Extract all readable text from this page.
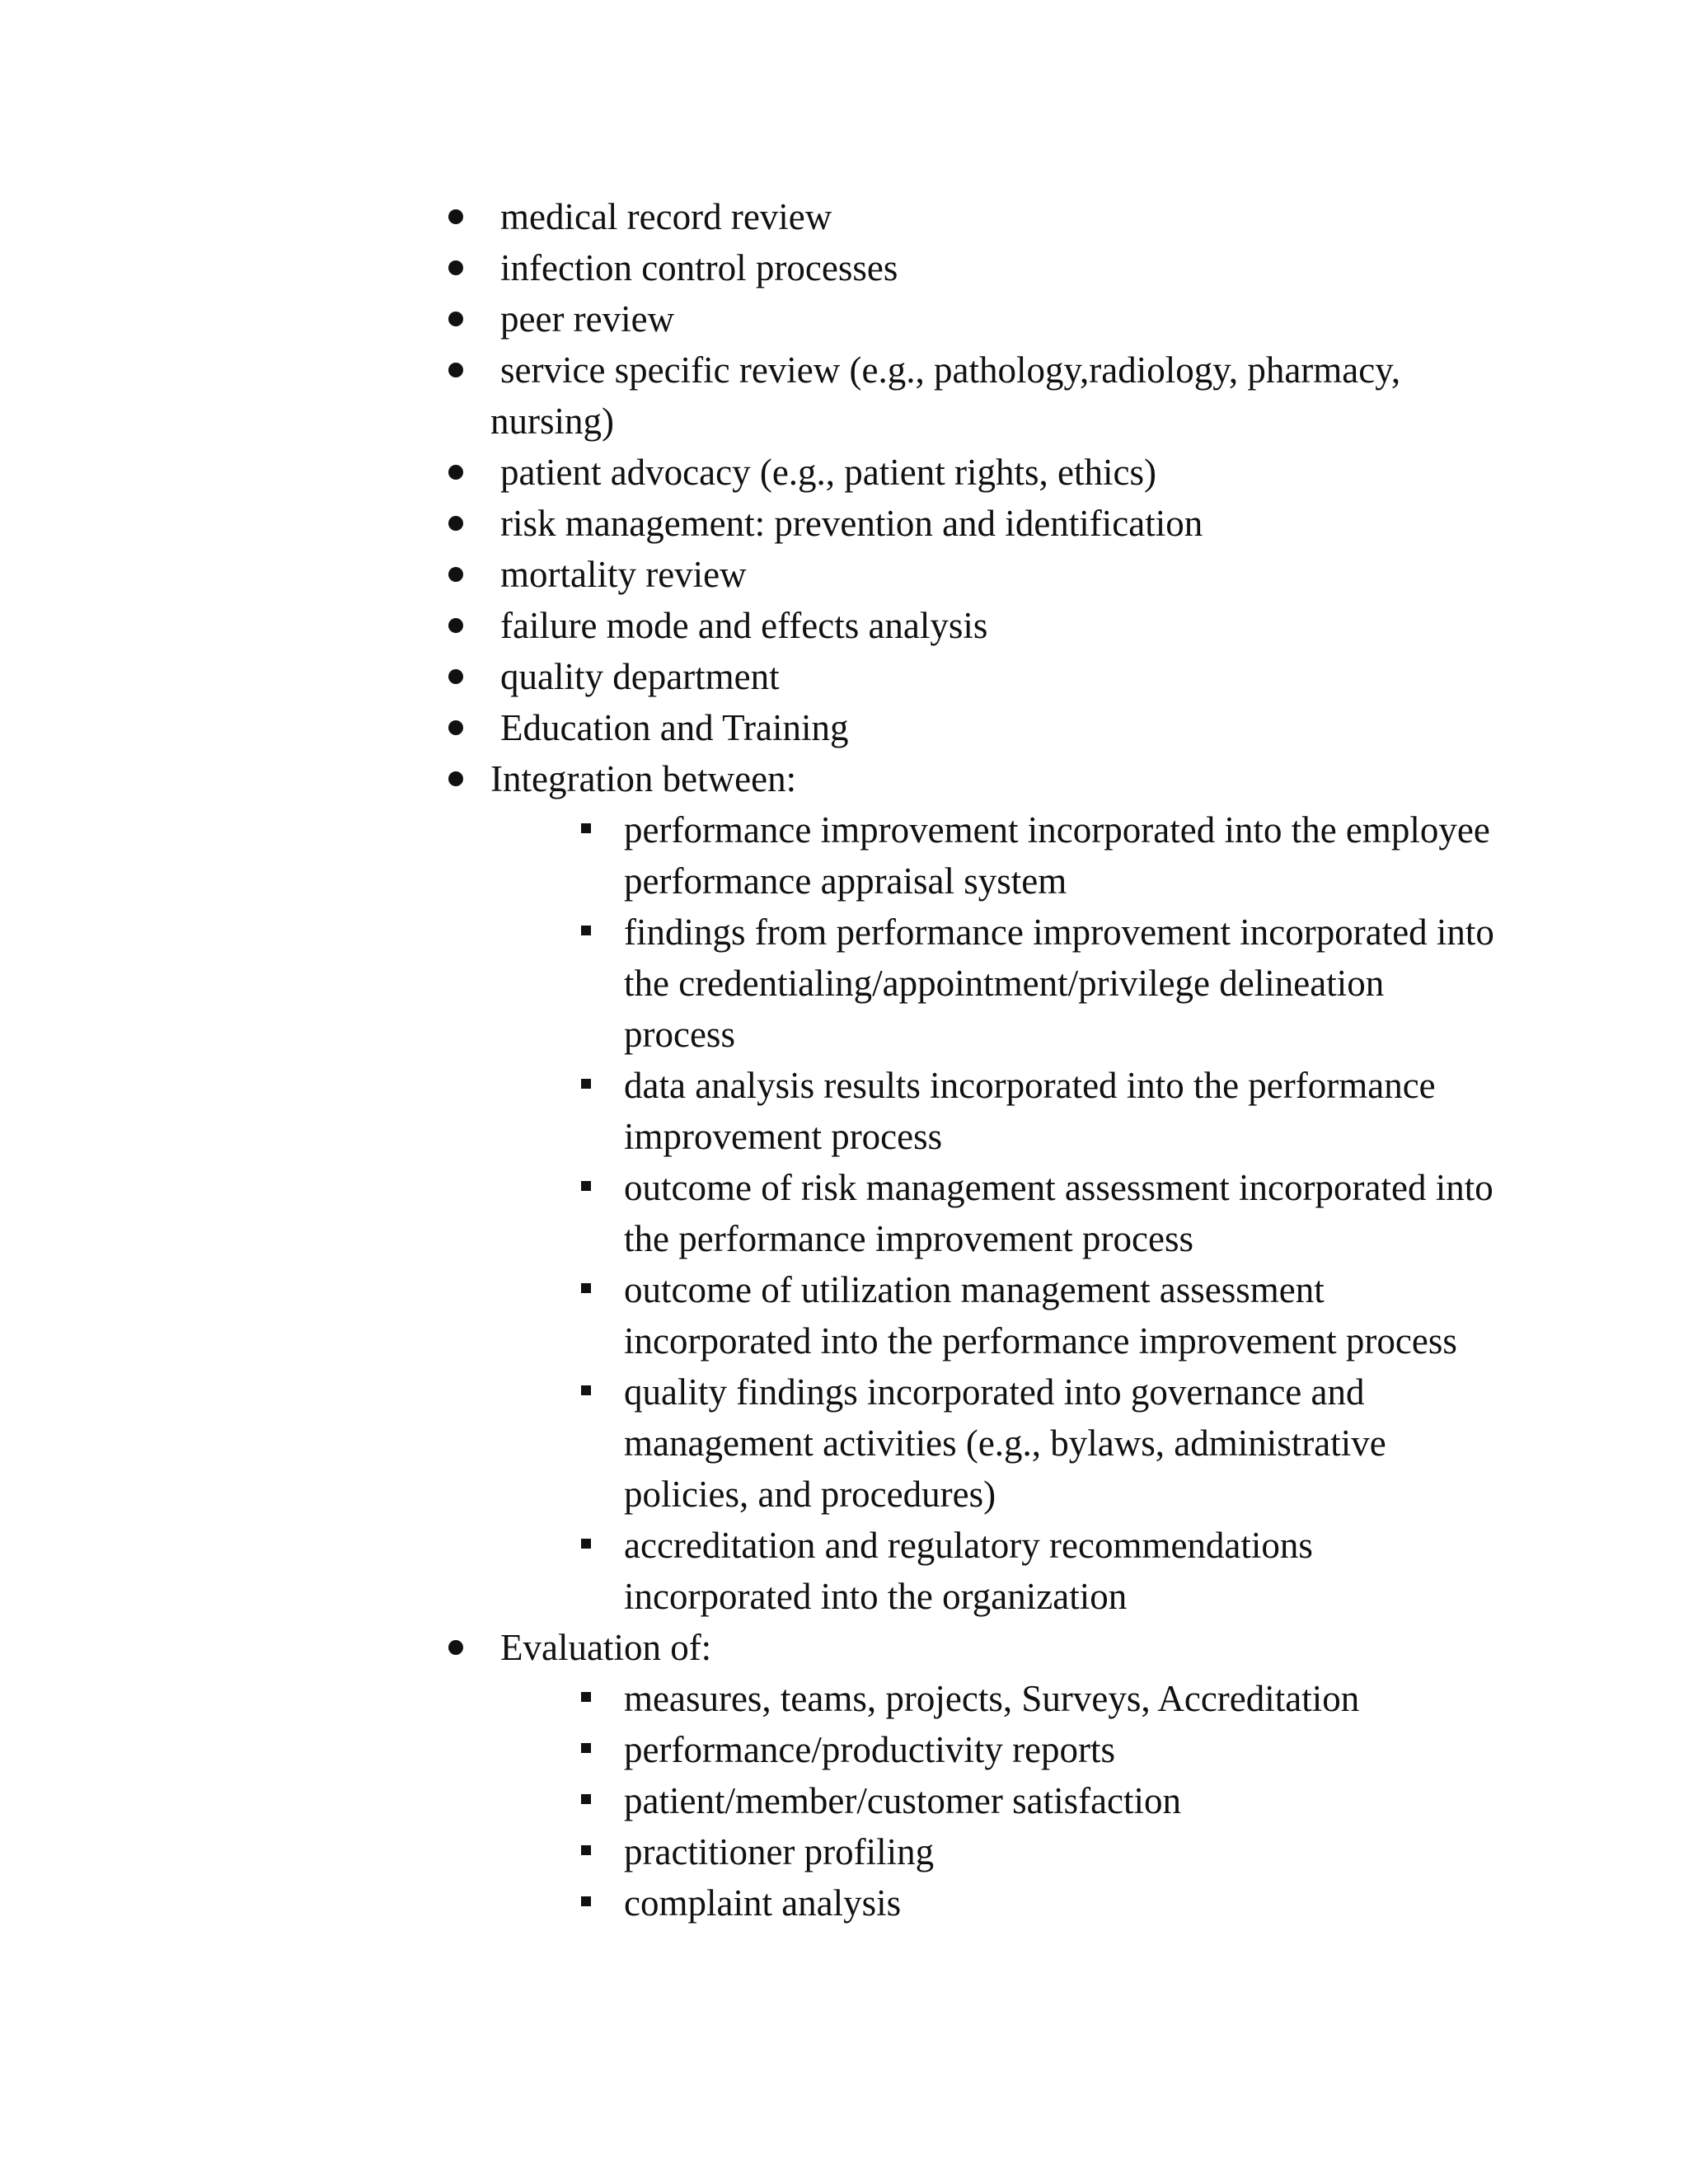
medical record review
infection control processes
peer review
service specific review (e.g., pathology,radiology, pharmacy, nursing)
patient advocacy (e.g., patient rights, ethics)
risk management: prevention and identification
mortality review
failure mode and effects analysis
quality department
Education and Training
Integration between:
performance improvement incorporated into the employee performance appraisal system
findings from performance improvement incorporated into the credentialing/appointment/privilege delineation process
data analysis results incorporated into the performance improvement process
outcome of risk management assessment incorporated into the performance improvement process
outcome of utilization management assessment incorporated into the performance improvement process
quality findings incorporated into governance and management activities (e.g., bylaws, administrative policies, and procedures)
accreditation and regulatory recommendations incorporated into the organization
Evaluation of:
measures, teams, projects, Surveys, Accreditation
performance/productivity reports
patient/member/customer satisfaction
practitioner profiling
complaint analysis
